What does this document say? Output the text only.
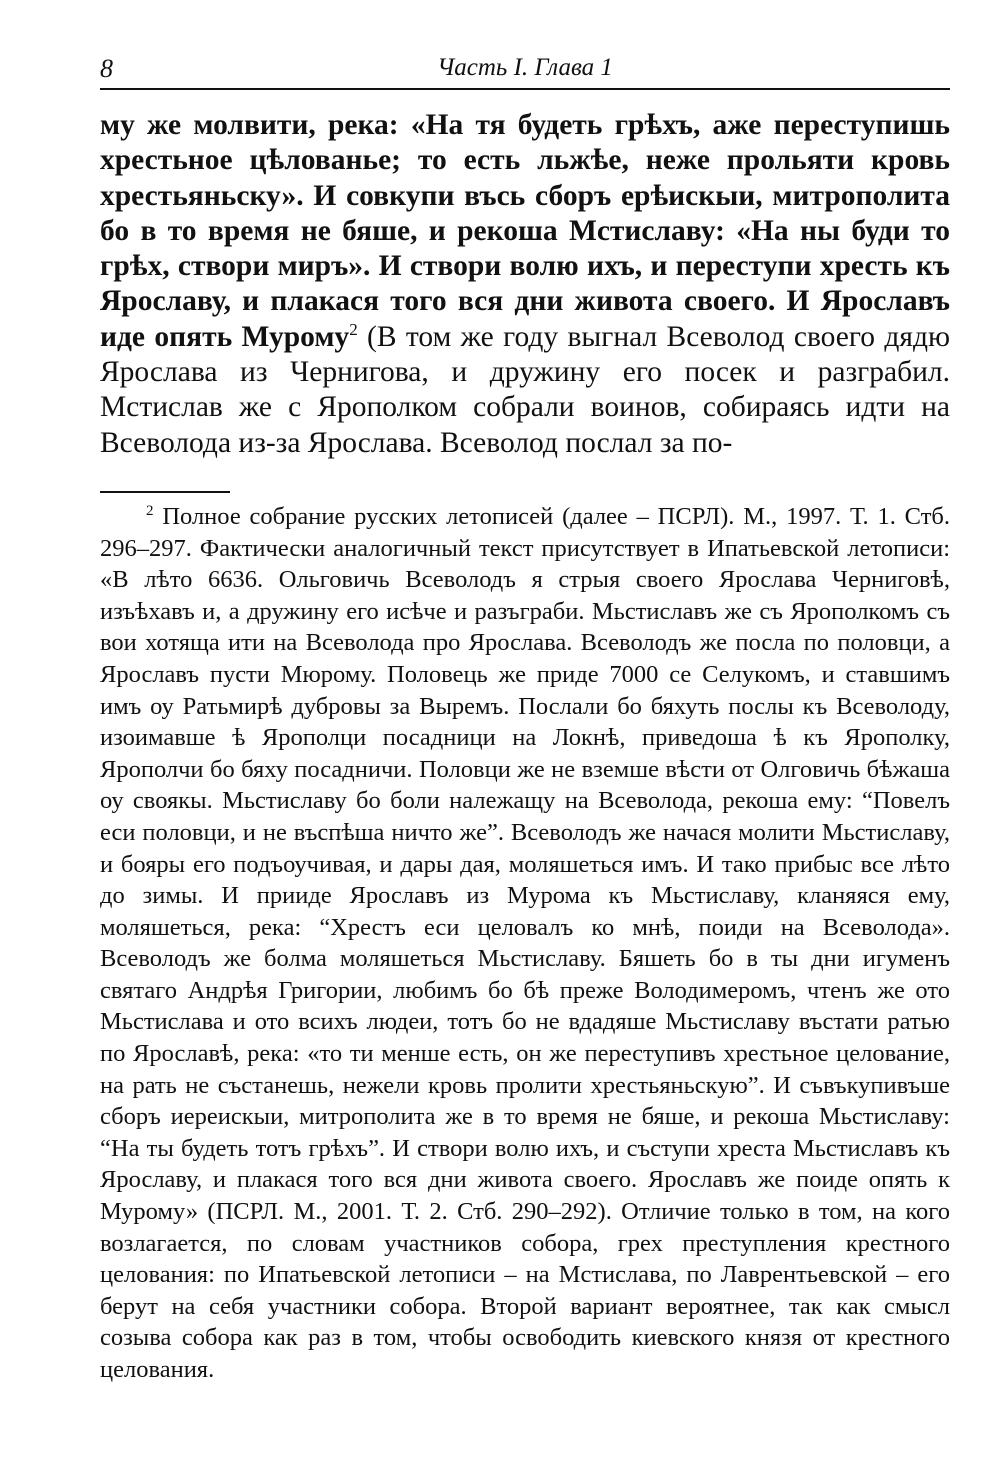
8	Часть I. Глава 1

му же молвити, река: «На тя будеть грѣхъ, аже переступишь хрестьное цѣлованье; то есть льжѣе, неже прольяти кровь хрестьяньску». И совкупи въсь сборъ ерѣискыи, митрополита бо в то время не бяше, и рекоша Мстиславу: «На ны буди то грѣх, створи миръ». И створи волю ихъ, и переступи хресть къ Ярославу, и плакася того вся дни живота своего. И Ярославъ иде опять Мурому$^2$ (В том же году выгнал Всеволод своего дядю Ярослава из Чернигова, и дружину его посек и разграбил. Мстислав же с Ярополком собрали воинов, собираясь идти на Всеволода из-за Ярослава. Всеволод послал за по-

$^2$ Полное собрание русских летописей (далее – ПСРЛ). М., 1997. Т. 1. Стб. 296–297. Фактически аналогичный текст присутствует в Ипатьевской летописи: «В лѣто 6636. Ольговичь Всеволодъ я стрыя своего Ярослава Черниговѣ, изъѣхавъ и, а дружину его исѣче и разъграби. Мьстиславъ же съ Ярополкомъ съ вои хотяща ити на Всеволода про Ярослава. Всеволодъ же посла по половци, а Ярославъ пусти Мюрому. Половець же приде 7000 се Селукомъ, и ставшимъ имъ оу Ратьмирѣ дубровы за Выремъ. Послали бо бяхуть послы къ Всеволоду, изоимавше ѣ Ярополци посадници на Локнѣ, приведоша ѣ къ Ярополку, Ярополчи бо бяху посадничи. Половци же не вземше вѣсти от Олговичь бѣжаша оу своякы. Мьстиславу бо боли належащу на Всеволода, рекоша ему: “Повелъ еси половци, и не въспѣша ничто же”. Всеволодъ же начася молити Мьстиславу, и бояры его подъоучивая, и дары дая, моляшеться имъ. И тако прибыс все лѣто до зимы. И прииде Ярославъ из Мурома къ Мьстиславу, кланяяся ему, моляшеться, река: “Хрестъ еси целовалъ ко мнѣ, поиди на Всеволода». Всеволодъ же болма моляшеться Мьстиславу. Бяшеть бо в ты дни игуменъ святаго Андрѣя Григории, любимъ бо бѣ преже Володимеромъ, чтенъ же ото Мьстислава и ото всихъ людеи, тотъ бо не вдадяше Мьстиславу въстати ратью по Ярославѣ, река: «то ти менше есть, он же переступивъ хрестьное целование, на рать не състанешь, нежели кровь пролити хрестьяньскую”. И съвъкупивъше сборъ иереискыи, митрополита же в то время не бяше, и рекоша Мьстиславу: “На ты будеть тотъ грѣхъ”. И створи волю ихъ, и съступи хреста Мьстиславъ къ Ярославу, и плакася того вся дни живота своего. Ярославъ же поиде опять к Мурому» (ПСРЛ. М., 2001. Т. 2. Стб. 290–292). Отличие только в том, на кого возлагается, по словам участников собора, грех преступления крестного целования: по Ипатьевской летописи – на Мстислава, по Лаврентьевской – его берут на себя участники собора. Второй вариант вероятнее, так как смысл созыва собора как раз в том, чтобы освободить киевского князя от крестного целования.
